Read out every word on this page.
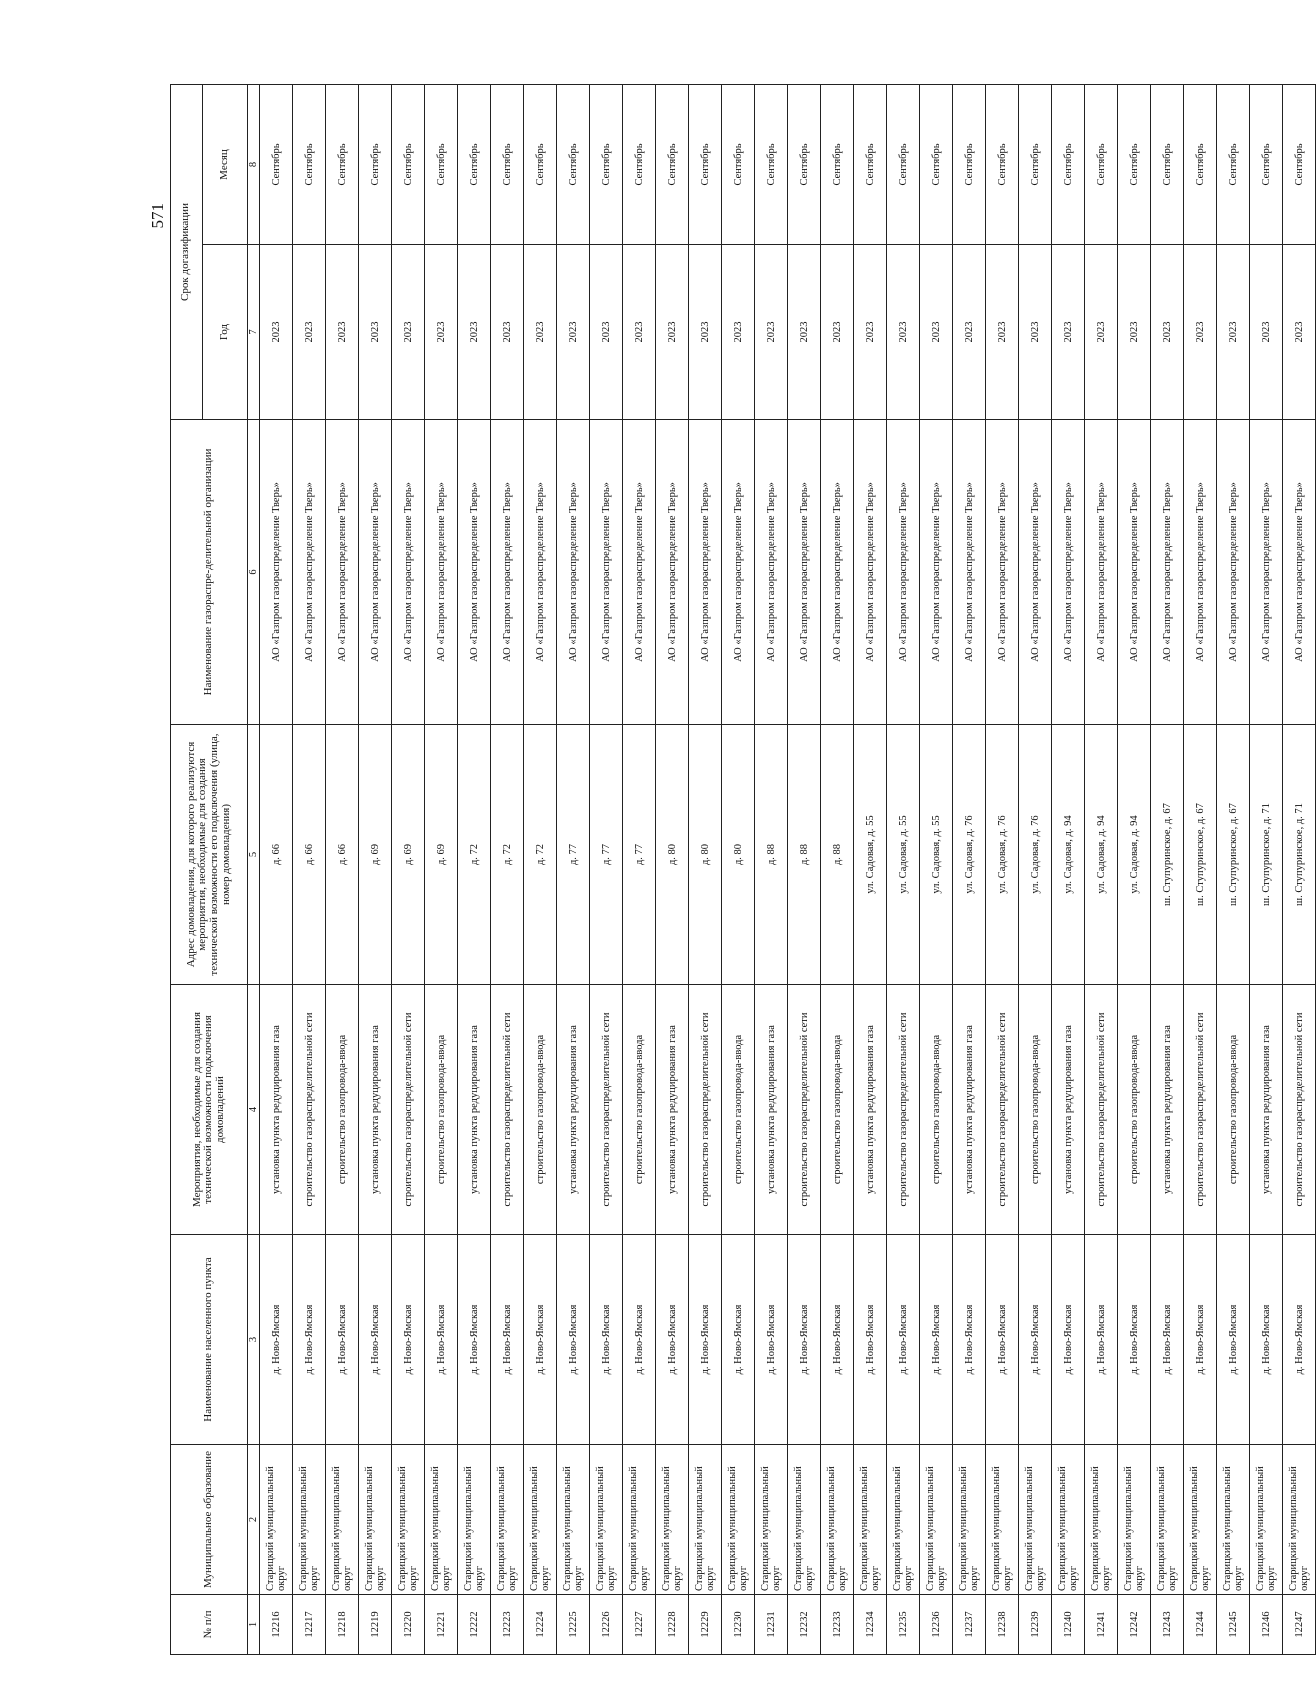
571
№ п/п	Муниципальное образование	Наименование населенного пункта	Мероприятия, необходимые для создания технической возможности подключения домовладений	Адрес домовладения, для которого реализуются мероприятия, необходимые для создания технической возможности его подключения (улица, номер домовладения)	Наименование газораспре-делительной организации	Срок догазификации	
						Год	Месяц
1	2	3	4	5	6	7	8
12216	Старицкий муниципальный округ	д. Ново-Ямская	установка пункта редуцирования газа	д. 66	АО «Газпром газораспределение Тверь»	2023	Сентябрь
12217	Старицкий муниципальный округ	д. Ново-Ямская	строительство газораспределительной сети	д. 66	АО «Газпром газораспределение Тверь»	2023	Сентябрь
12218	Старицкий муниципальный округ	д. Ново-Ямская	строительство газопровода-ввода	д. 66	АО «Газпром газораспределение Тверь»	2023	Сентябрь
12219	Старицкий муниципальный округ	д. Ново-Ямская	установка пункта редуцирования газа	д. 69	АО «Газпром газораспределение Тверь»	2023	Сентябрь
12220	Старицкий муниципальный округ	д. Ново-Ямская	строительство газораспределительной сети	д. 69	АО «Газпром газораспределение Тверь»	2023	Сентябрь
12221	Старицкий муниципальный округ	д. Ново-Ямская	строительство газопровода-ввода	д. 69	АО «Газпром газораспределение Тверь»	2023	Сентябрь
12222	Старицкий муниципальный округ	д. Ново-Ямская	установка пункта редуцирования газа	д. 72	АО «Газпром газораспределение Тверь»	2023	Сентябрь
12223	Старицкий муниципальный округ	д. Ново-Ямская	строительство газораспределительной сети	д. 72	АО «Газпром газораспределение Тверь»	2023	Сентябрь
12224	Старицкий муниципальный округ	д. Ново-Ямская	строительство газопровода-ввода	д. 72	АО «Газпром газораспределение Тверь»	2023	Сентябрь
12225	Старицкий муниципальный округ	д. Ново-Ямская	установка пункта редуцирования газа	д. 77	АО «Газпром газораспределение Тверь»	2023	Сентябрь
12226	Старицкий муниципальный округ	д. Ново-Ямская	строительство газораспределительной сети	д. 77	АО «Газпром газораспределение Тверь»	2023	Сентябрь
12227	Старицкий муниципальный округ	д. Ново-Ямская	строительство газопровода-ввода	д. 77	АО «Газпром газораспределение Тверь»	2023	Сентябрь
12228	Старицкий муниципальный округ	д. Ново-Ямская	установка пункта редуцирования газа	д. 80	АО «Газпром газораспределение Тверь»	2023	Сентябрь
12229	Старицкий муниципальный округ	д. Ново-Ямская	строительство газораспределительной сети	д. 80	АО «Газпром газораспределение Тверь»	2023	Сентябрь
12230	Старицкий муниципальный округ	д. Ново-Ямская	строительство газопровода-ввода	д. 80	АО «Газпром газораспределение Тверь»	2023	Сентябрь
12231	Старицкий муниципальный округ	д. Ново-Ямская	установка пункта редуцирования газа	д. 88	АО «Газпром газораспределение Тверь»	2023	Сентябрь
12232	Старицкий муниципальный округ	д. Ново-Ямская	строительство газораспределительной сети	д. 88	АО «Газпром газораспределение Тверь»	2023	Сентябрь
12233	Старицкий муниципальный округ	д. Ново-Ямская	строительство газопровода-ввода	д. 88	АО «Газпром газораспределение Тверь»	2023	Сентябрь
12234	Старицкий муниципальный округ	д. Ново-Ямская	установка пункта редуцирования газа	ул. Садовая, д. 55	АО «Газпром газораспределение Тверь»	2023	Сентябрь
12235	Старицкий муниципальный округ	д. Ново-Ямская	строительство газораспределительной сети	ул. Садовая, д. 55	АО «Газпром газораспределение Тверь»	2023	Сентябрь
12236	Старицкий муниципальный округ	д. Ново-Ямская	строительство газопровода-ввода	ул. Садовая, д. 55	АО «Газпром газораспределение Тверь»	2023	Сентябрь
12237	Старицкий муниципальный округ	д. Ново-Ямская	установка пункта редуцирования газа	ул. Садовая, д. 76	АО «Газпром газораспределение Тверь»	2023	Сентябрь
12238	Старицкий муниципальный округ	д. Ново-Ямская	строительство газораспределительной сети	ул. Садовая, д. 76	АО «Газпром газораспределение Тверь»	2023	Сентябрь
12239	Старицкий муниципальный округ	д. Ново-Ямская	строительство газопровода-ввода	ул. Садовая, д. 76	АО «Газпром газораспределение Тверь»	2023	Сентябрь
12240	Старицкий муниципальный округ	д. Ново-Ямская	установка пункта редуцирования газа	ул. Садовая, д. 94	АО «Газпром газораспределение Тверь»	2023	Сентябрь
12241	Старицкий муниципальный округ	д. Ново-Ямская	строительство газораспределительной сети	ул. Садовая, д. 94	АО «Газпром газораспределение Тверь»	2023	Сентябрь
12242	Старицкий муниципальный округ	д. Ново-Ямская	строительство газопровода-ввода	ул. Садовая, д. 94	АО «Газпром газораспределение Тверь»	2023	Сентябрь
12243	Старицкий муниципальный округ	д. Ново-Ямская	установка пункта редуцирования газа	ш. Ступуринское, д. 67	АО «Газпром газораспределение Тверь»	2023	Сентябрь
12244	Старицкий муниципальный округ	д. Ново-Ямская	строительство газораспределительной сети	ш. Ступуринское, д. 67	АО «Газпром газораспределение Тверь»	2023	Сентябрь
12245	Старицкий муниципальный округ	д. Ново-Ямская	строительство газопровода-ввода	ш. Ступуринское, д. 67	АО «Газпром газораспределение Тверь»	2023	Сентябрь
12246	Старицкий муниципальный округ	д. Ново-Ямская	установка пункта редуцирования газа	ш. Ступуринское, д. 71	АО «Газпром газораспределение Тверь»	2023	Сентябрь
12247	Старицкий муниципальный округ	д. Ново-Ямская	строительство газораспределительной сети	ш. Ступуринское, д. 71	АО «Газпром газораспределение Тверь»	2023	Сентябрь
